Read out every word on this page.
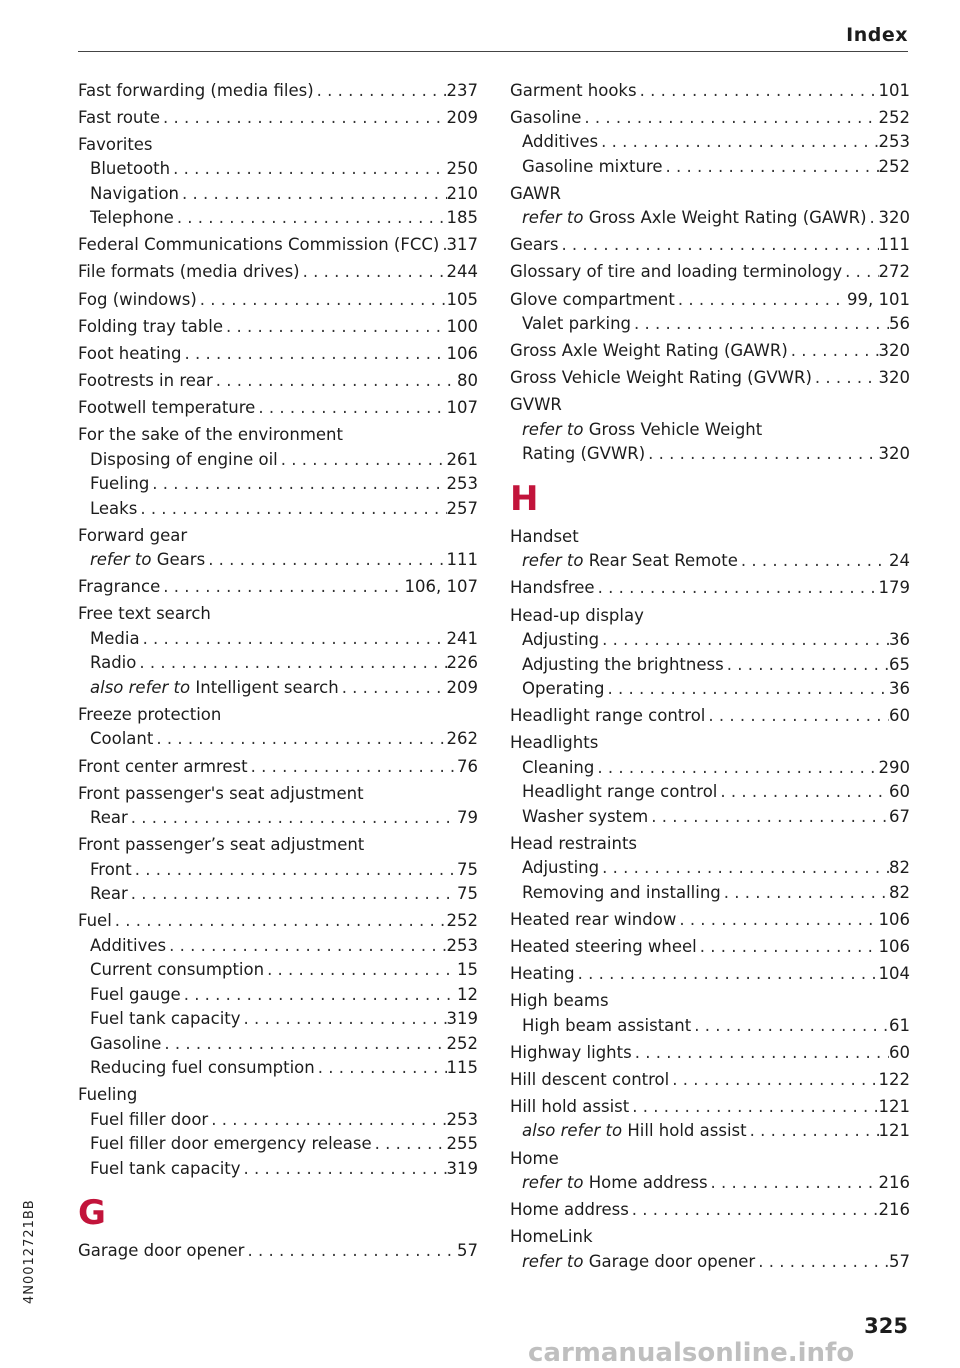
Index
Fast forwarding (media files) . . .	237
Fast route . . .	209
Favorites
Bluetooth . . .	250
Navigation . . .	210
Telephone . . .	185
Federal Communications Commission (FCC) . . . 317
File formats (media drives) . . .	244
Fog (windows) . . .	105
Folding tray table . . .	100
Foot heating . . .	106
Footrests in rear . . .	80
Footwell temperature . . .	107
For the sake of the environment
Disposing of engine oil . . .	261
Fueling . . .	253
Leaks . . .	257
Forward gear
refer to Gears . . .	111
Fragrance . . .	106, 107
Free text search
Media . . .	241
Radio . . .	226
also refer to Intelligent search . . .	209
Freeze protection
Coolant . . .	262
Front center armrest . . .	76
Front passenger's seat adjustment
Rear . . .	79
Front passenger’s seat adjustment
Front . . .	75
Rear . . .	75
Fuel . . .	252
Additives . . .	253
Current consumption . . .	15
Fuel gauge . . .	12
Fuel tank capacity . . .	319
Gasoline . . .	252
Reducing fuel consumption . . .	115
Fueling
Fuel filler door . . .	253
Fuel filler door emergency release . . .	255
Fuel tank capacity . . .	319
G
Garage door opener . . .	57
Garment hooks . . .	101
Gasoline . . .	252
Additives . . .	253
Gasoline mixture . . .	252
GAWR
refer to Gross Axle Weight Rating (GAWR) . . . 320
Gears . . .	111
Glossary of tire and loading terminology . . . 272
Glove compartment . . .	99, 101
Valet parking . . .	56
Gross Axle Weight Rating (GAWR) . . .	320
Gross Vehicle Weight Rating (GVWR) . . .	320
GVWR
refer to Gross Vehicle Weight
Rating (GVWR) . . .	320
H
Handset
refer to Rear Seat Remote . . .	24
Handsfree . . .	179
Head-up display
Adjusting . . .	36
Adjusting the brightness . . .	65
Operating . . .	36
Headlight range control . . .	60
Headlights
Cleaning . . .	290
Headlight range control . . .	60
Washer system . . .	67
Head restraints
Adjusting . . .	82
Removing and installing . . .	82
Heated rear window . . .	106
Heated steering wheel . . .	106
Heating . . .	104
High beams
High beam assistant . . .	61
Highway lights . . .	60
Hill descent control . . .	122
Hill hold assist . . .	121
also refer to Hill hold assist . . .	121
Home
refer to Home address . . .	216
Home address . . .	216
HomeLink
refer to Garage door opener . . .	57
4N0012721BB
325
carmanualsonline.info
